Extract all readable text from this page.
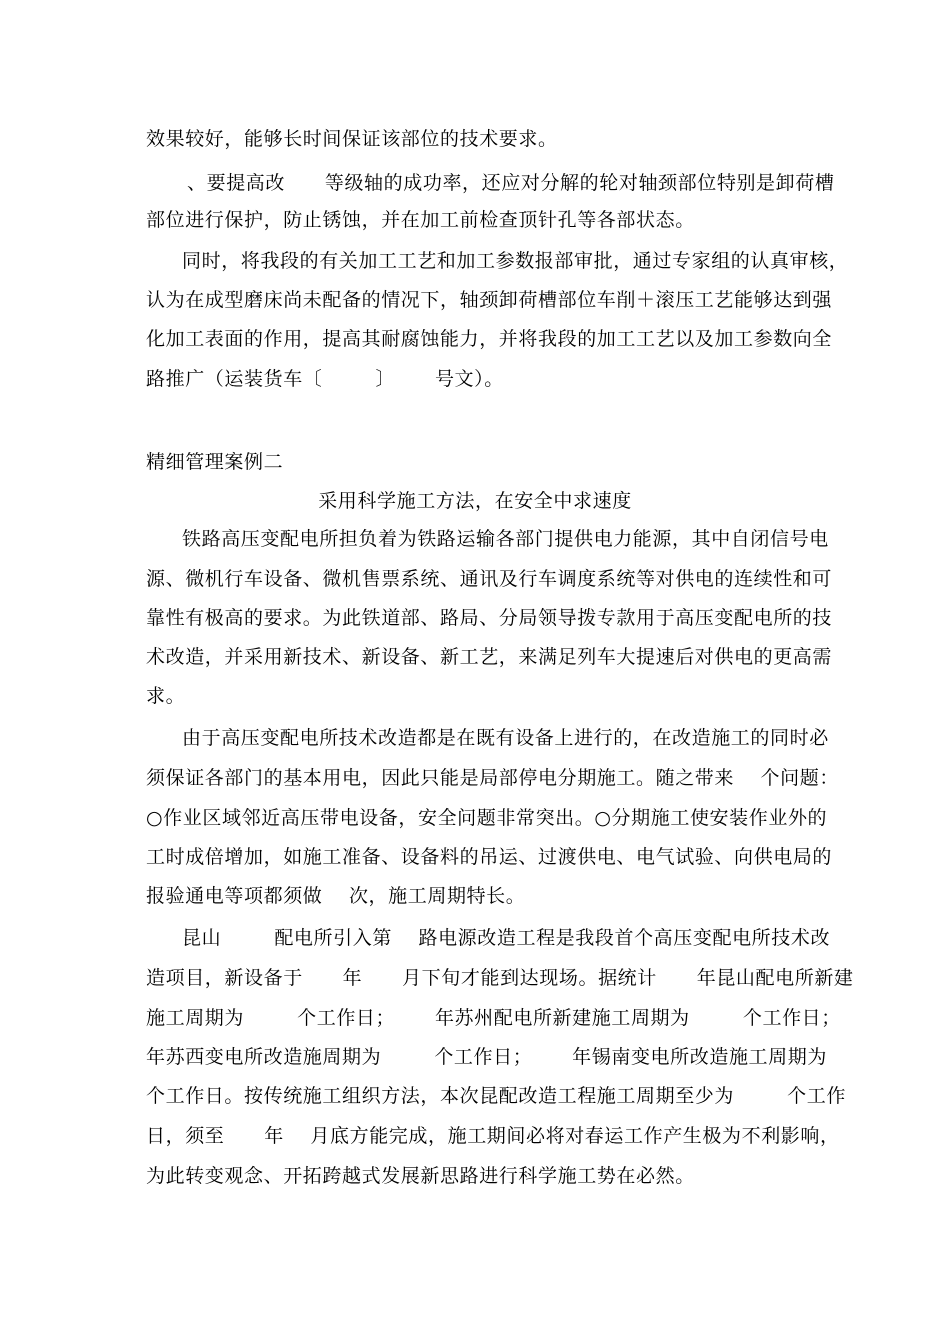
效果较好，能够长时间保证该部位的技术要求。
、要提高改      等级轴的成功率，还应对分解的轮对轴颈部位特别是卸荷槽
部位进行保护，防止锈蚀，并在加工前检查顶针孔等各部状态。
同时，将我段的有关加工工艺和加工参数报部审批，通过专家组的认真审核，
认为在成型磨床尚未配备的情况下，轴颈卸荷槽部位车削＋滚压工艺能够达到强
化加工表面的作用，提高其耐腐蚀能力，并将我段的加工工艺以及加工参数向全
路推广（运装货车〔        〕      号文）。
精细管理案例二
采用科学施工方法，在安全中求速度
铁路高压变配电所担负着为铁路运输各部门提供电力能源，其中自闭信号电
源、微机行车设备、微机售票系统、通讯及行车调度系统等对供电的连续性和可
靠性有极高的要求。为此铁道部、路局、分局领导拨专款用于高压变配电所的技
术改造，并采用新技术、新设备、新工艺，来满足列车大提速后对供电的更高需
求。
由于高压变配电所技术改造都是在既有设备上进行的，在改造施工的同时必
须保证各部门的基本用电，因此只能是局部停电分期施工。随之带来    个问题：
○作业区域邻近高压带电设备，安全问题非常突出。○分期施工使安装作业外的
工时成倍增加，如施工准备、设备料的吊运、过渡供电、电气试验、向供电局的
报验通电等项都须做    次，施工周期特长。
昆山        配电所引入第    路电源改造工程是我段首个高压变配电所技术改
造项目，新设备于      年      月下旬才能到达现场。据统计      年昆山配电所新建
施工周期为        个工作日；      年苏州配电所新建施工周期为        个工作日；
年苏西变电所改造施周期为        个工作日；      年锡南变电所改造施工周期为
个工作日。按传统施工组织方法，本次昆配改造工程施工周期至少为        个工作
日，须至      年    月底方能完成，施工期间必将对春运工作产生极为不利影响，
为此转变观念、开拓跨越式发展新思路进行科学施工势在必然。
